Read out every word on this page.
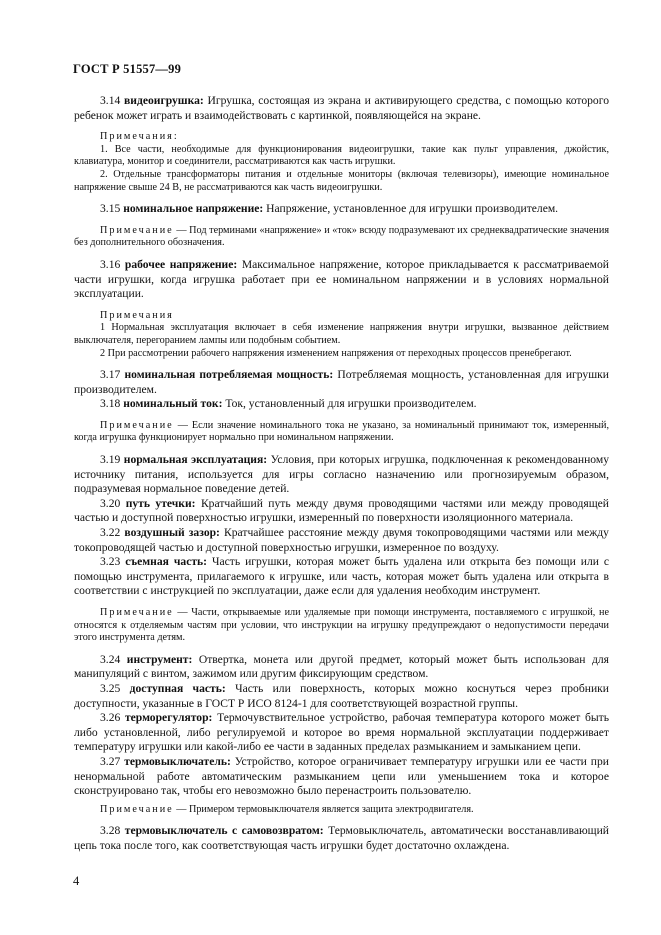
ГОСТ Р 51557—99

3.14 видеоигрушка: Игрушка, состоящая из экрана и активирующего средства, с помощью которого ребенок может играть и взаимодействовать с картинкой, появляющейся на экране.

Примечания:

1. Все части, необходимые для функционирования видеоигрушки, такие как пульт управления, джойстик, клавиатура, монитор и соединители, рассматриваются как часть игрушки.

2. Отдельные трансформаторы питания и отдельные мониторы (включая телевизоры), имеющие номинальное напряжение свыше 24 В, не рассматриваются как часть видеоигрушки.

3.15 номинальное напряжение: Напряжение, установленное для игрушки производителем.

Примечание — Под терминами «напряжение» и «ток» всюду подразумевают их среднеквадратические значения без дополнительного обозначения.

3.16 рабочее напряжение: Максимальное напряжение, которое прикладывается к рассматриваемой части игрушки, когда игрушка работает при ее номинальном напряжении и в условиях нормальной эксплуатации.

Примечания

1 Нормальная эксплуатация включает в себя изменение напряжения внутри игрушки, вызванное действием выключателя, перегоранием лампы или подобным событием.

2 При рассмотрении рабочего напряжения изменением напряжения от переходных процессов пренебрегают.

3.17 номинальная потребляемая мощность: Потребляемая мощность, установленная для игрушки производителем.

3.18 номинальный ток: Ток, установленный для игрушки производителем.

Примечание — Если значение номинального тока не указано, за номинальный принимают ток, измеренный, когда игрушка функционирует нормально при номинальном напряжении.

3.19 нормальная эксплуатация: Условия, при которых игрушка, подключенная к рекомендованному источнику питания, используется для игры согласно назначению или прогнозируемым образом, подразумевая нормальное поведение детей.

3.20 путь утечки: Кратчайший путь между двумя проводящими частями или между проводящей частью и доступной поверхностью игрушки, измеренный по поверхности изоляционного материала.

3.22 воздушный зазор: Кратчайшее расстояние между двумя токопроводящими частями или между токопроводящей частью и доступной поверхностью игрушки, измеренное по воздуху.

3.23 съемная часть: Часть игрушки, которая может быть удалена или открыта без помощи или с помощью инструмента, прилагаемого к игрушке, или часть, которая может быть удалена или открыта в соответствии с инструкцией по эксплуатации, даже если для удаления необходим инструмент.

Примечание — Части, открываемые или удаляемые при помощи инструмента, поставляемого с игрушкой, не относятся к отделяемым частям при условии, что инструкции на игрушку предупреждают о недопустимости передачи этого инструмента детям.

3.24 инструмент: Отвертка, монета или другой предмет, который может быть использован для манипуляций с винтом, зажимом или другим фиксирующим средством.

3.25 доступная часть: Часть или поверхность, которых можно коснуться через пробники доступности, указанные в ГОСТ Р ИСО 8124-1 для соответствующей возрастной группы.

3.26 терморегулятор: Термочувствительное устройство, рабочая температура которого может быть либо установленной, либо регулируемой и которое во время нормальной эксплуатации поддерживает температуру игрушки или какой-либо ее части в заданных пределах размыканием и замыканием цепи.

3.27 термовыключатель: Устройство, которое ограничивает температуру игрушки или ее части при ненормальной работе автоматическим размыканием цепи или уменьшением тока и которое сконструировано так, чтобы его невозможно было перенастроить пользователю.

Примечание — Примером термовыключателя является защита электродвигателя.

3.28 термовыключатель с самовозвратом: Термовыключатель, автоматически восстанавливающий цепь тока после того, как соответствующая часть игрушки будет достаточно охлаждена.

4
